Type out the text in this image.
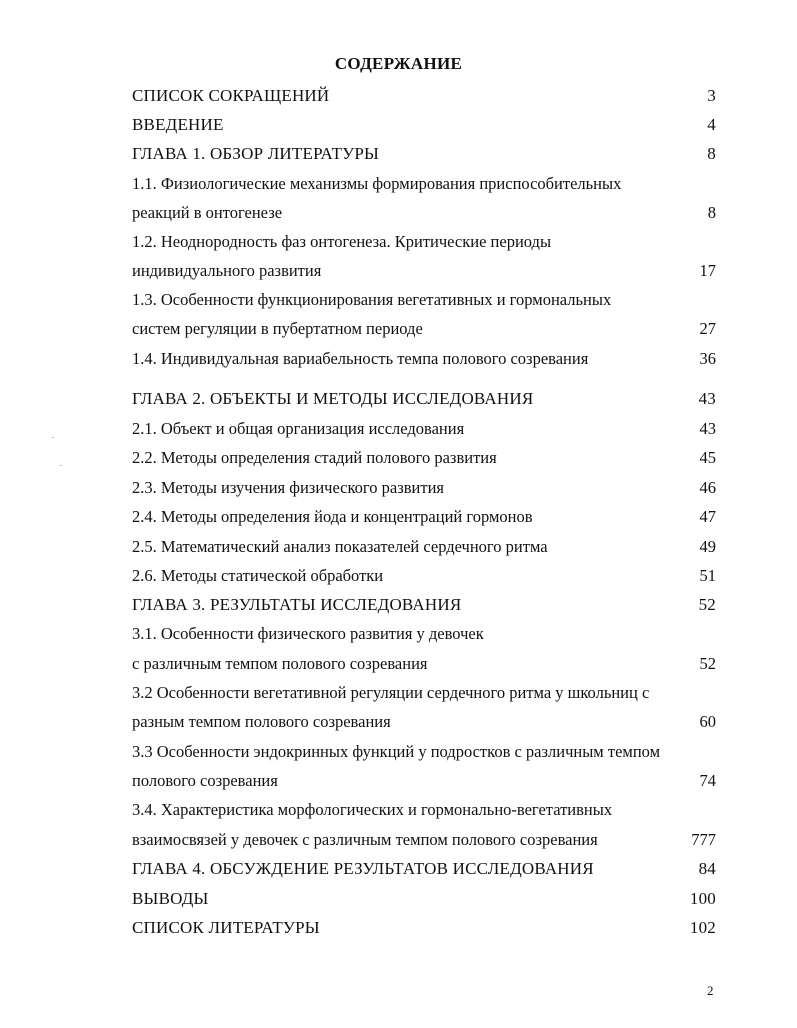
СОДЕРЖАНИЕ
СПИСОК СОКРАЩЕНИЙ	3
ВВЕДЕНИЕ	4
ГЛАВА 1. ОБЗОР ЛИТЕРАТУРЫ	8
1.1. Физиологические механизмы формирования приспособительных
реакций в онтогенезе	8
1.2. Неоднородность фаз онтогенеза. Критические периоды
индивидуального развития	17
1.3. Особенности функционирования вегетативных и гормональных
систем регуляции в пубертатном периоде	27
1.4. Индивидуальная вариабельность темпа полового созревания	36
ГЛАВА 2. ОБЪЕКТЫ И МЕТОДЫ ИССЛЕДОВАНИЯ	43
2.1. Объект и общая организация исследования	43
2.2. Методы определения стадий полового развития	45
2.3. Методы изучения физического развития	46
2.4. Методы определения йода и концентраций гормонов	47
2.5. Математический анализ показателей сердечного ритма	49
2.6. Методы статической обработки	51
ГЛАВА 3. РЕЗУЛЬТАТЫ ИССЛЕДОВАНИЯ	52
3.1. Особенности физического развития у девочек
с различным темпом полового созревания	52
3.2 Особенности вегетативной регуляции сердечного ритма у школьниц с
разным темпом полового созревания	60
3.3 Особенности эндокринных функций у подростков с различным темпом
полового созревания	74
3.4. Характеристика морфологических и гормонально-вегетативных
взаимосвязей у девочек с различным темпом полового созревания	777
ГЛАВА 4. ОБСУЖДЕНИЕ РЕЗУЛЬТАТОВ ИССЛЕДОВАНИЯ	84
ВЫВОДЫ	100
СПИСОК ЛИТЕРАТУРЫ	102
2
